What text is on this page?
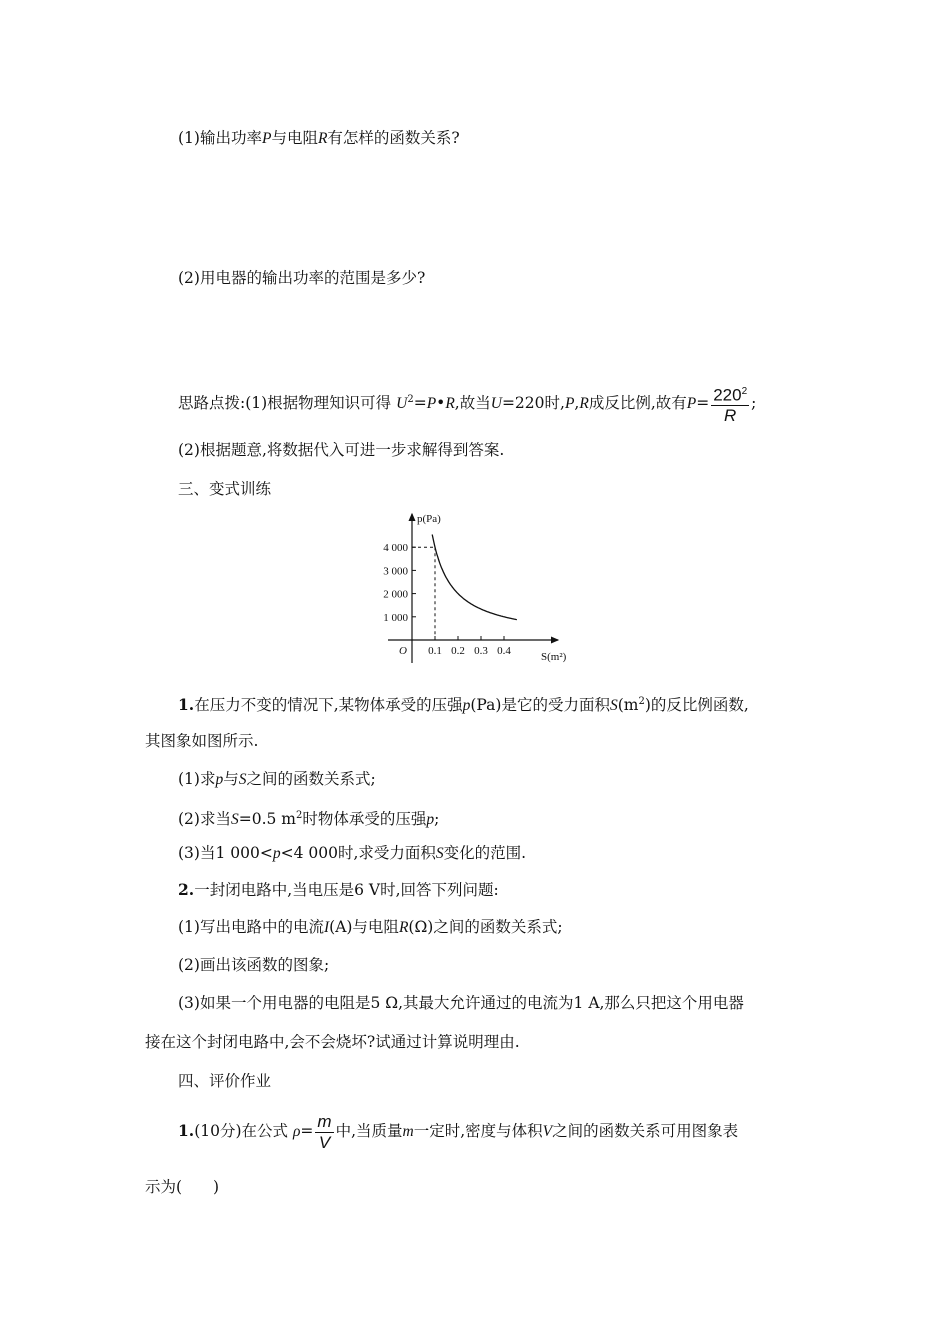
(1)输出功率P与电阻R有怎样的函数关系?
(2)用电器的输出功率的范围是多少?
思路点拨:(1)根据物理知识可得 $U^2=P•R$,故当U=220时,P,R成反比例,故有$P= \frac{220^2}{R}$ ;
(2)根据题意,将数据代入可进一步求解得到答案.
三、变式训练
p(Pa)
S(m²)
O
1 000
2 000
3 000
4 000
0.1 0.2 0.3 0.4
1.在压力不变的情况下,某物体承受的压强p(Pa)是它的受力面积$S(m^2)$的反比例函数,
其图象如图所示.
(1)求p与S之间的函数关系式;
(2)求当S=0.5 $m^2$时物体承受的压强p;
(3)当1 000<p<4 000时,求受力面积S变化的范围.
2.一封闭电路中,当电压是6 V时,回答下列问题:
(1)写出电路中的电流I(A)与电阻R(Ω)之间的函数关系式;
(2)画出该函数的图象;
(3)如果一个用电器的电阻是5 Ω,其最大允许通过的电流为1 A,那么只把这个用电器
接在这个封闭电路中,会不会烧坏?试通过计算说明理由.
四、评价作业
1.(10分)在公式 $\rho= \frac{m}{V}$ 中,当质量m一定时,密度与体积V之间的函数关系可用图象表
示为(　　)
